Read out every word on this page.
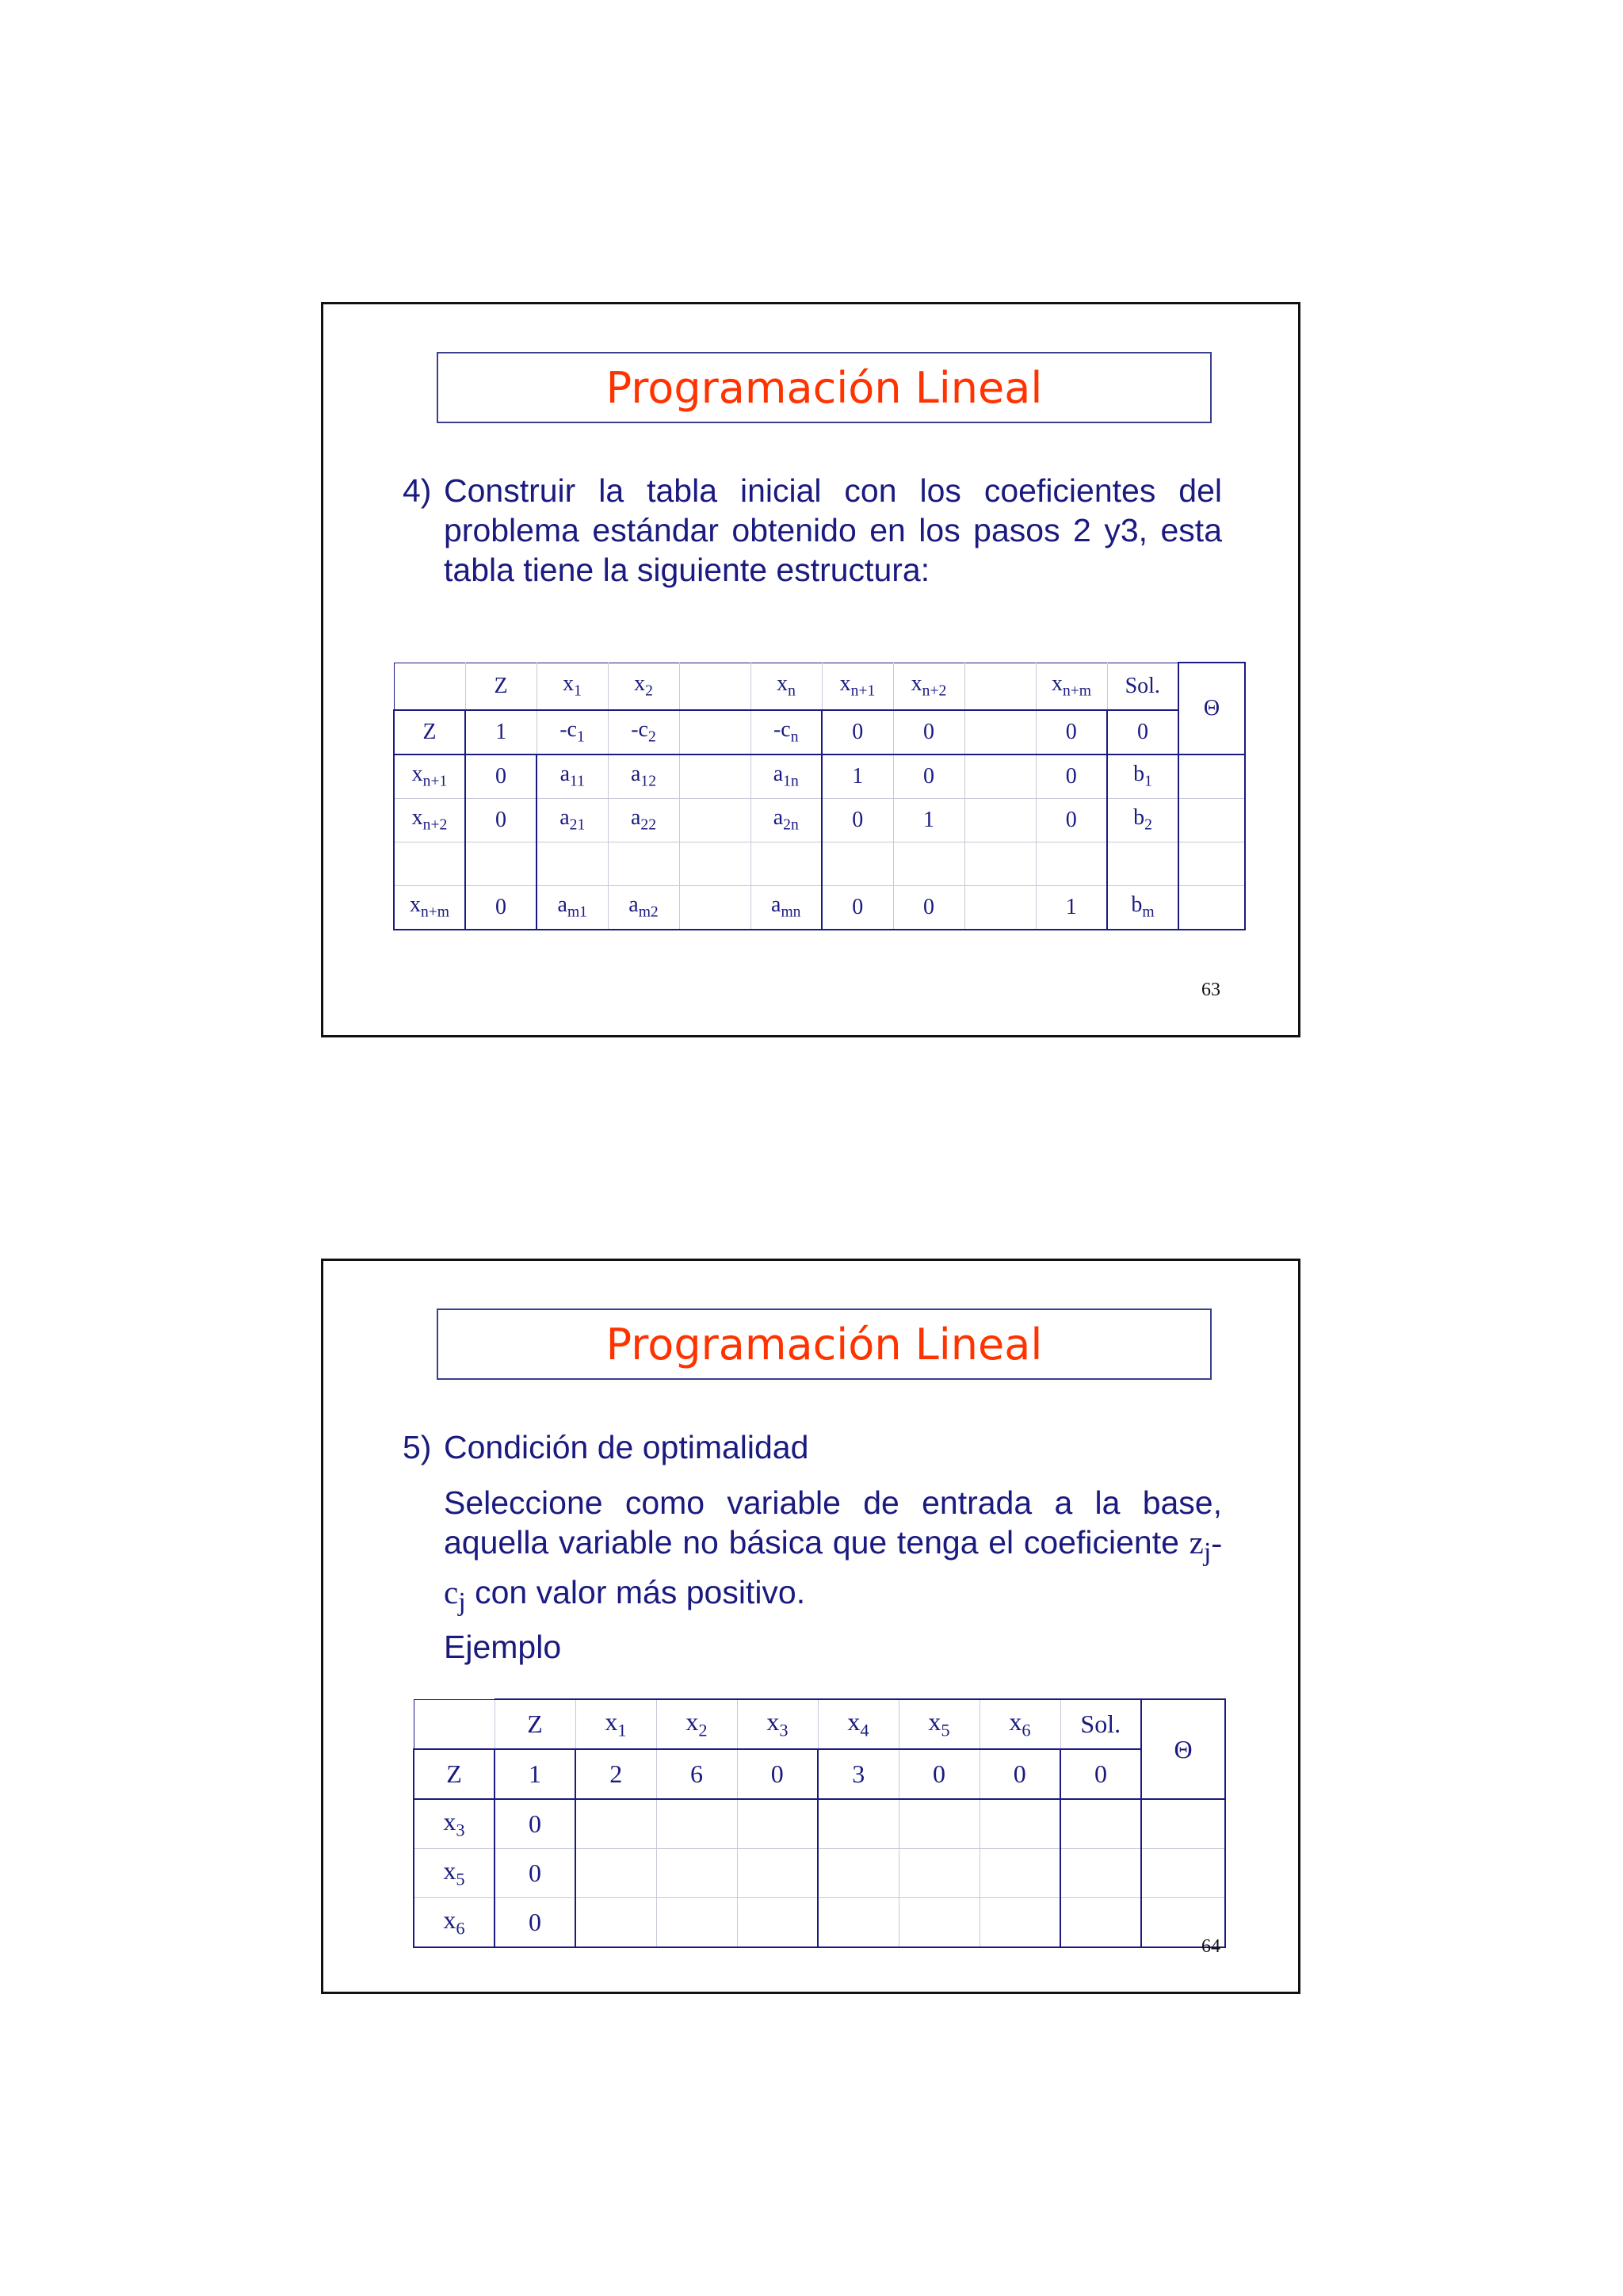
Programación Lineal
4) Construir la tabla inicial con los coeficientes del problema estándar obtenido en los pasos 2 y3, esta tabla tiene la siguiente estructura:
	Z	$x_1$	$x_2$		$x_n$	$x_{n+1}$	$x_{n+2}$		$x_{n+m}$	Sol.	Θ
Z	1	$-c_1$	$-c_2$		$-c_n$	0	0		0	0	
$x_{n+1}$	0	$a_{11}$	$a_{12}$		$a_{1n}$	1	0		0	$b_1$	
$x_{n+2}$	0	$a_{21}$	$a_{22}$		$a_{2n}$	0	1		0	$b_2$	

$x_{n+m}$	0	$a_{m1}$	$a_{m2}$		$a_{mn}$	0	0		1	$b_m$	
63
Programación Lineal
5) Condición de optimalidad
Seleccione como variable de entrada a la base, aquella variable no básica que tenga el coeficiente $z_j-c_j$ con valor más positivo.
Ejemplo
	Z	$x_1$	$x_2$	$x_3$	$x_4$	$x_5$	$x_6$	Sol.	Θ
Z	1	2	6	0	3	0	0	0	
$x_3$	0								
$x_5$	0								
$x_6$	0								
64
